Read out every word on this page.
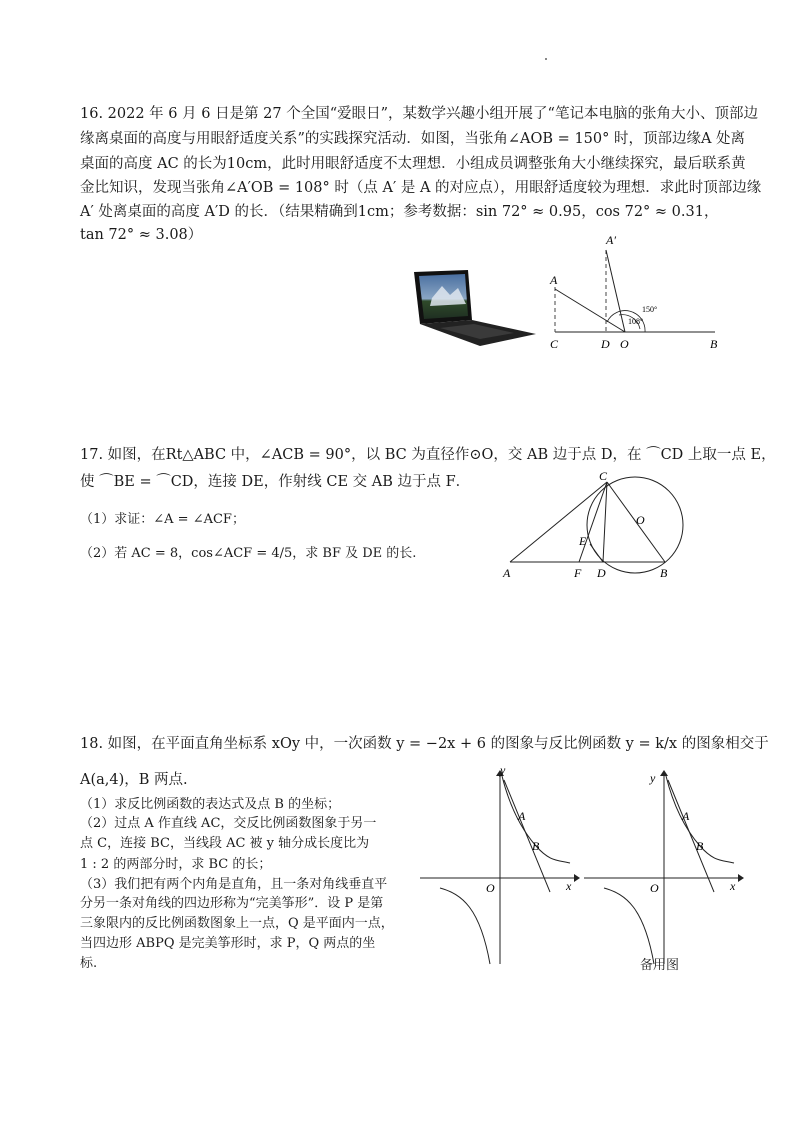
16. 2022 年 6 月 6 日是第 27 个全国“爱眼日”，某数学兴趣小组开展了“笔记本电脑的张角大小、顶部边
缘离桌面的高度与用眼舒适度关系”的实践探究活动．如图，当张角∠AOB = 150° 时，顶部边缘A 处离
桌面的高度 AC 的长为10cm，此时用眼舒适度不太理想．小组成员调整张角大小继续探究，最后联系黄
金比知识，发现当张角∠A′OB = 108° 时（点 A′ 是 A 的对应点），用眼舒适度较为理想．求此时顶部边缘
A′ 处离桌面的高度 A′D 的长．（结果精确到1cm；参考数据：sin 72° ≈ 0.95，cos 72° ≈ 0.31，
tan 72° ≈ 3.08）	A′
A
C	D O	B
150°
108°
17. 如图，在Rt△ABC 中，∠ACB = 90°，以 BC 为直径作⊙O，交 AB 边于点 D，在 ⌒CD 上取一点 E，
使 ⌒BE = ⌒CD，连接 DE，作射线 CE 交 AB 边于点 F．
（1）求证：∠A = ∠ACF；
（2）若 AC = 8，cos∠ACF = 4/5，求 BF 及 DE 的长.
C
O
E
A	F D	B
18. 如图，在平面直角坐标系 xOy 中，一次函数 y = −2x + 6 的图象与反比例函数 y = k/x 的图象相交于
A(a,4)，B 两点.
（1）求反比例函数的表达式及点 B 的坐标；
（2）过点 A 作直线 AC，交反比例函数图象于另一
点 C，连接 BC，当线段 AC 被 y 轴分成长度比为
1 : 2 的两部分时，求 BC 的长；
（3）我们把有两个内角是直角，且一条对角线垂直平
分另一条对角线的四边形称为“完美筝形”．设 P 是第
三象限内的反比例函数图象上一点，Q 是平面内一点，
当四边形 ABPQ 是完美筝形时，求 P，Q 两点的坐
标.
y
x
O
A
B
y
x
O
A
B
备用图
